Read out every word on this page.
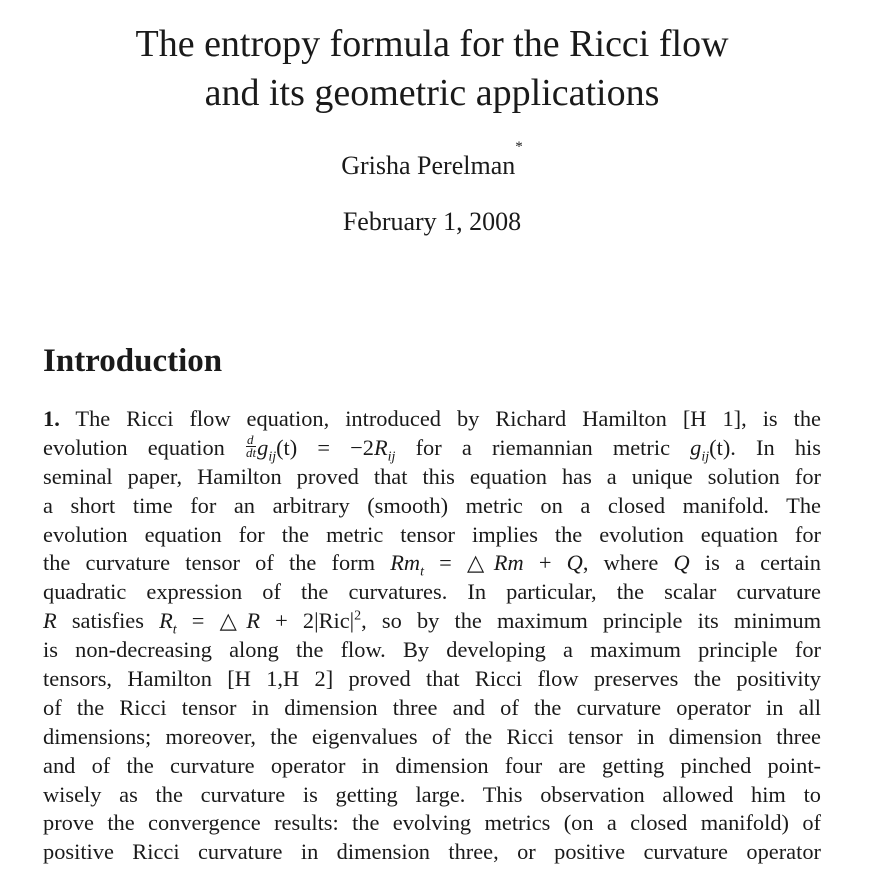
The entropy formula for the Ricci flow
and its geometric applications
Grisha Perelman*
February 1, 2008
Introduction
1. The Ricci flow equation, introduced by Richard Hamilton [H 1], is the
evolution equation $\frac{d}{dt} g_{ij}(t) = -2R_{ij}$ for a riemannian metric $g_{ij}(t)$. In his
seminal paper, Hamilton proved that this equation has a unique solution for
a short time for an arbitrary (smooth) metric on a closed manifold. The
evolution equation for the metric tensor implies the evolution equation for
the curvature tensor of the form $Rm_t$ = △Rm + Q, where Q is a certain
quadratic expression of the curvatures. In particular, the scalar curvature
R satisfies $R_t$ = △R + $2|Ric|^2$, so by the maximum principle its minimum
is non-decreasing along the flow. By developing a maximum principle for
tensors, Hamilton [H 1,H 2] proved that Ricci flow preserves the positivity
of the Ricci tensor in dimension three and of the curvature operator in all
dimensions; moreover, the eigenvalues of the Ricci tensor in dimension three
and of the curvature operator in dimension four are getting pinched point-
wisely as the curvature is getting large. This observation allowed him to
prove the convergence results: the evolving metrics (on a closed manifold) of
positive Ricci curvature in dimension three, or positive curvature operator
